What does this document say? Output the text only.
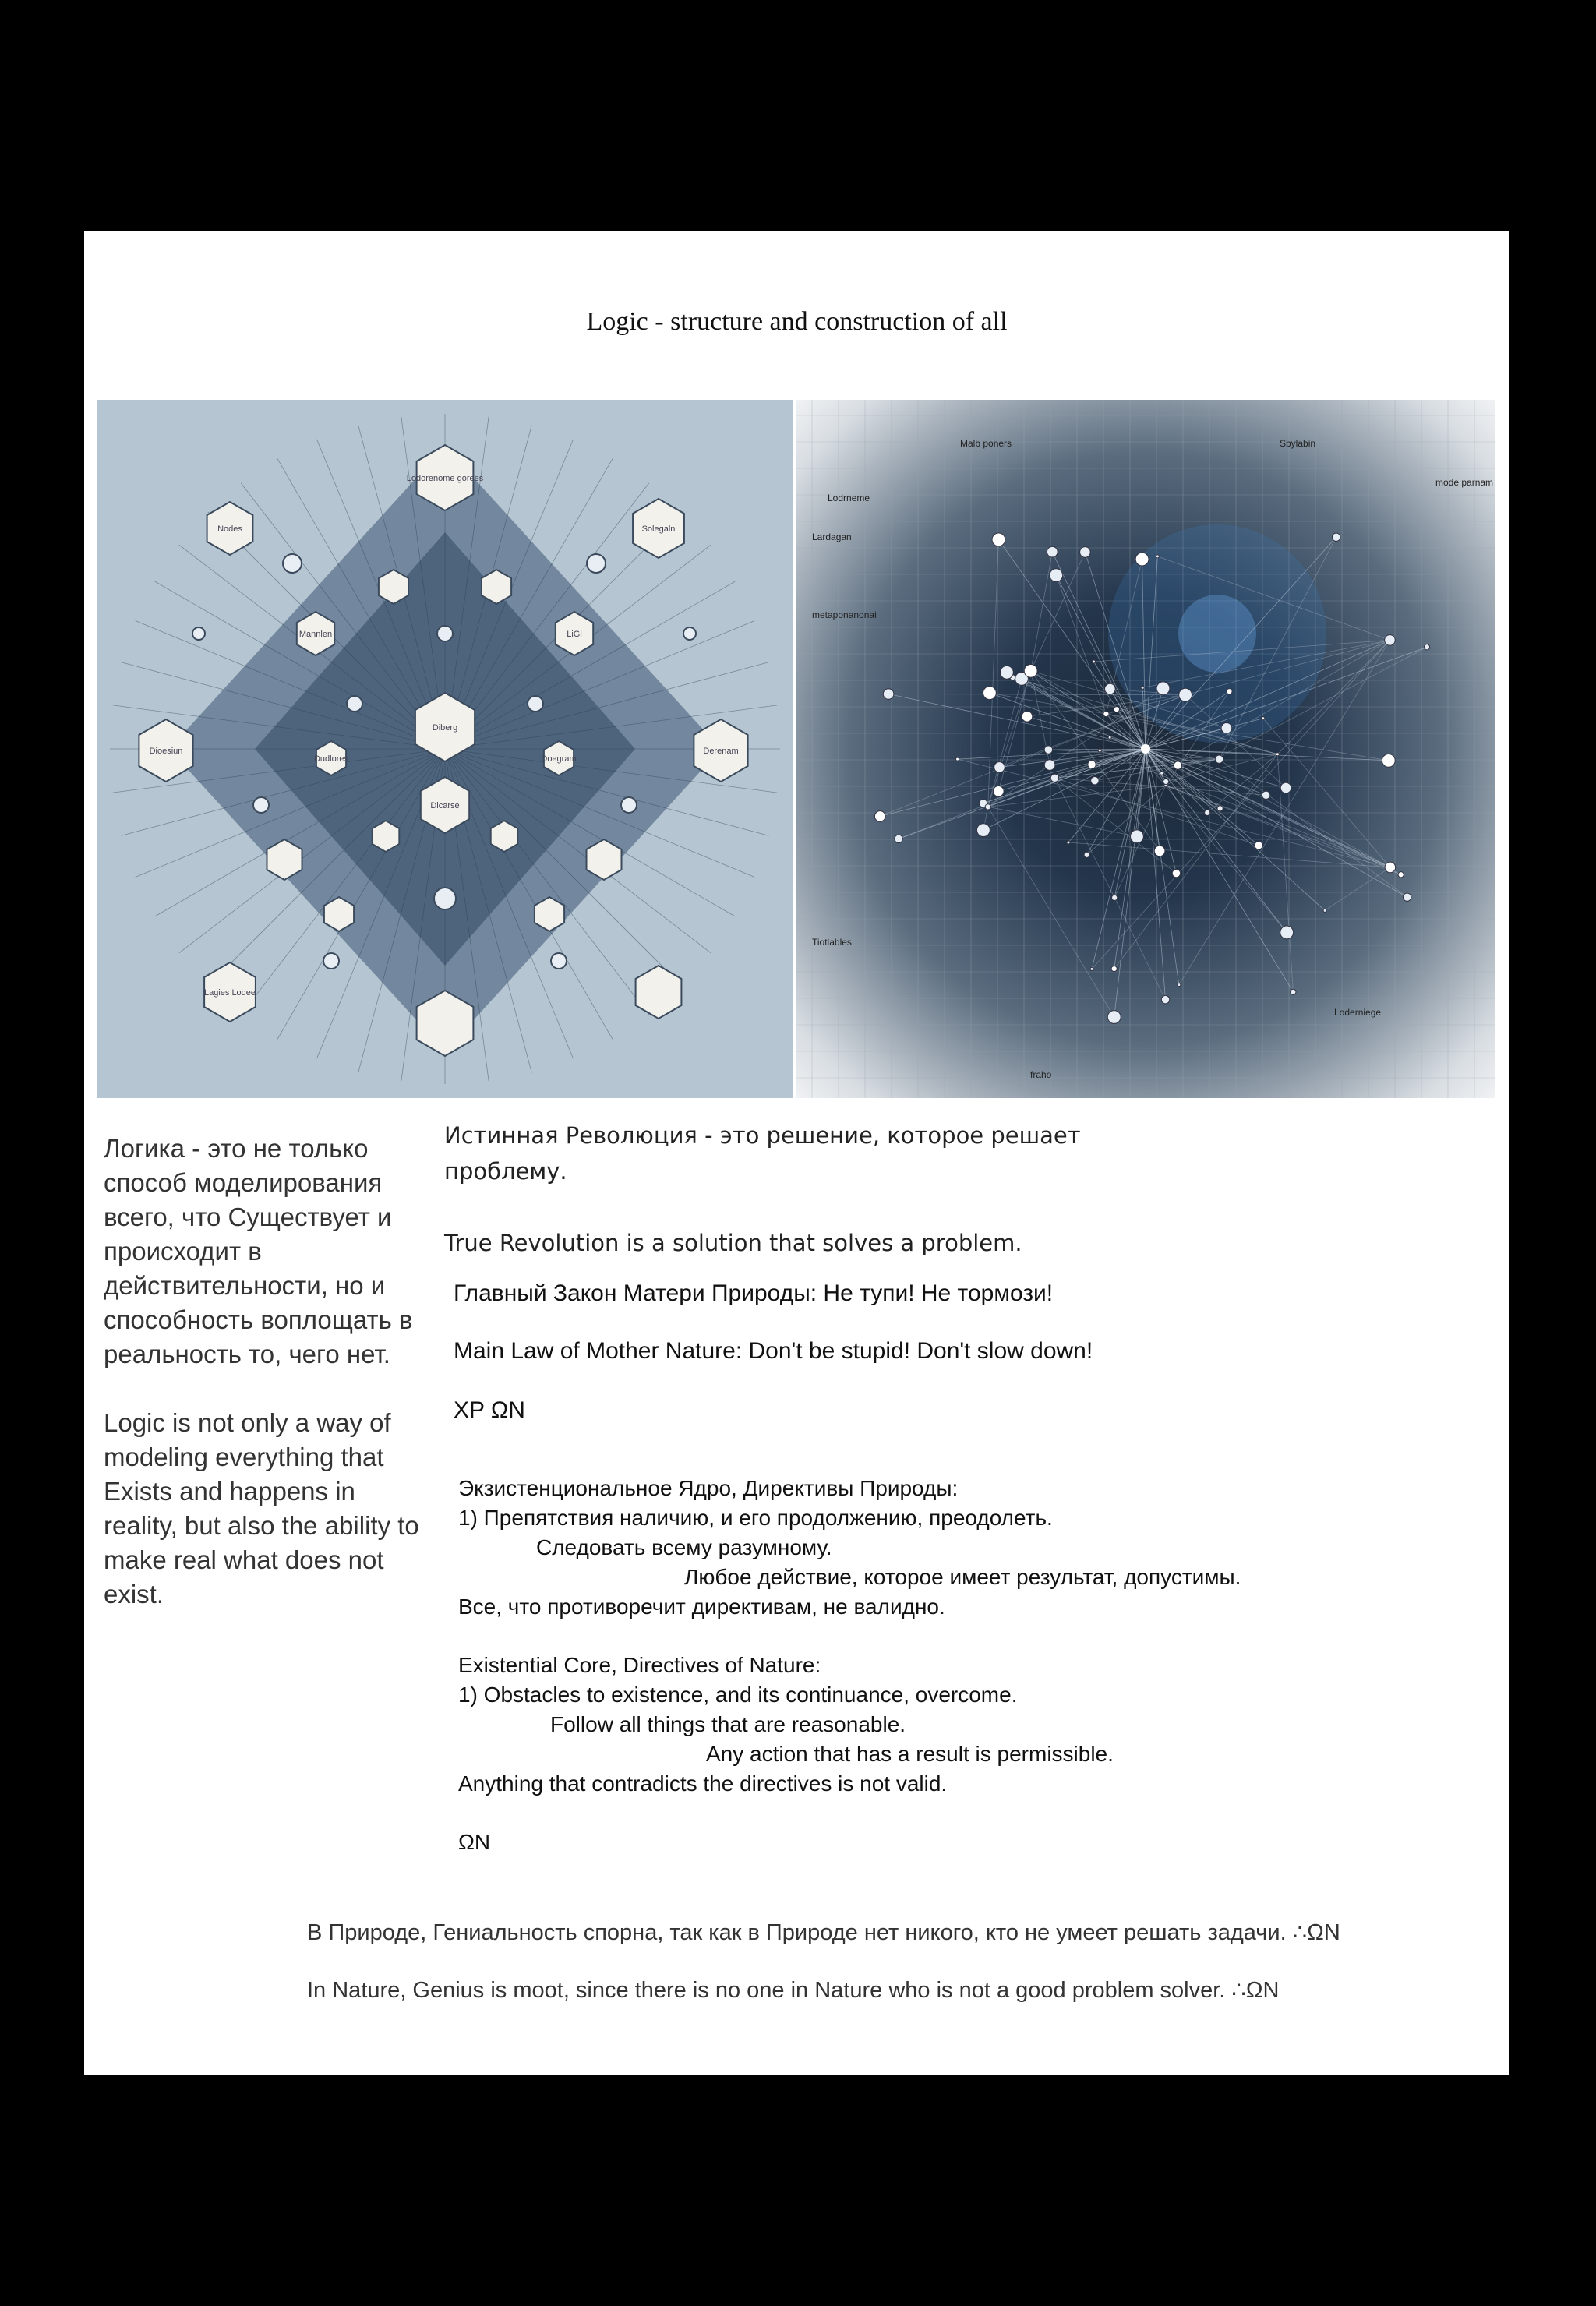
Logic - structure and construction of all
Lodorenome gorees
Nodes	Solegaln
Mannlen	LiGl
Dioesiun	Derenam
Diberg
Dicarse
Dudlores	Doegram
Lagies Lodee
Malb poners	Sbylabin
Lodrneme
Lardagan
mode parnam
metaponanonai
Loderniege
Tiotlables
fraho

Логика - это не только способ моделирования всего, что Существует и происходит в действительности, но и способность воплощать в реальность то, чего нет.

Logic is not only a way of modeling everything that Exists and happens in reality, but also the ability to make real what does not exist.

Истинная Революция - это решение, которое решает проблему.

True Revolution is a solution that solves a problem.

Главный Закон Матери Природы: Не тупи! Не тормози!
Main Law of Mother Nature: Don't be stupid! Don't slow down!
XP ΩN
Экзистенциональное Ядро, Директивы Природы:
1) Препятствия наличию, и его продолжению, преодолеть.
Следовать всему разумному.
Любое действие, которое имеет результат, допустимы.
Все, что противоречит директивам, не валидно.
Existential Core, Directives of Nature:
1) Obstacles to existence, and its continuance, overcome.
Follow all things that are reasonable.
Any action that has a result is permissible.
Anything that contradicts the directives is not valid.
ΩN
В Природе, Гениальность спорна, так как в Природе нет никого, кто не умеет решать задачи. ∴ΩN
In Nature, Genius is moot, since there is no one in Nature who is not a good problem solver. ∴ΩN
